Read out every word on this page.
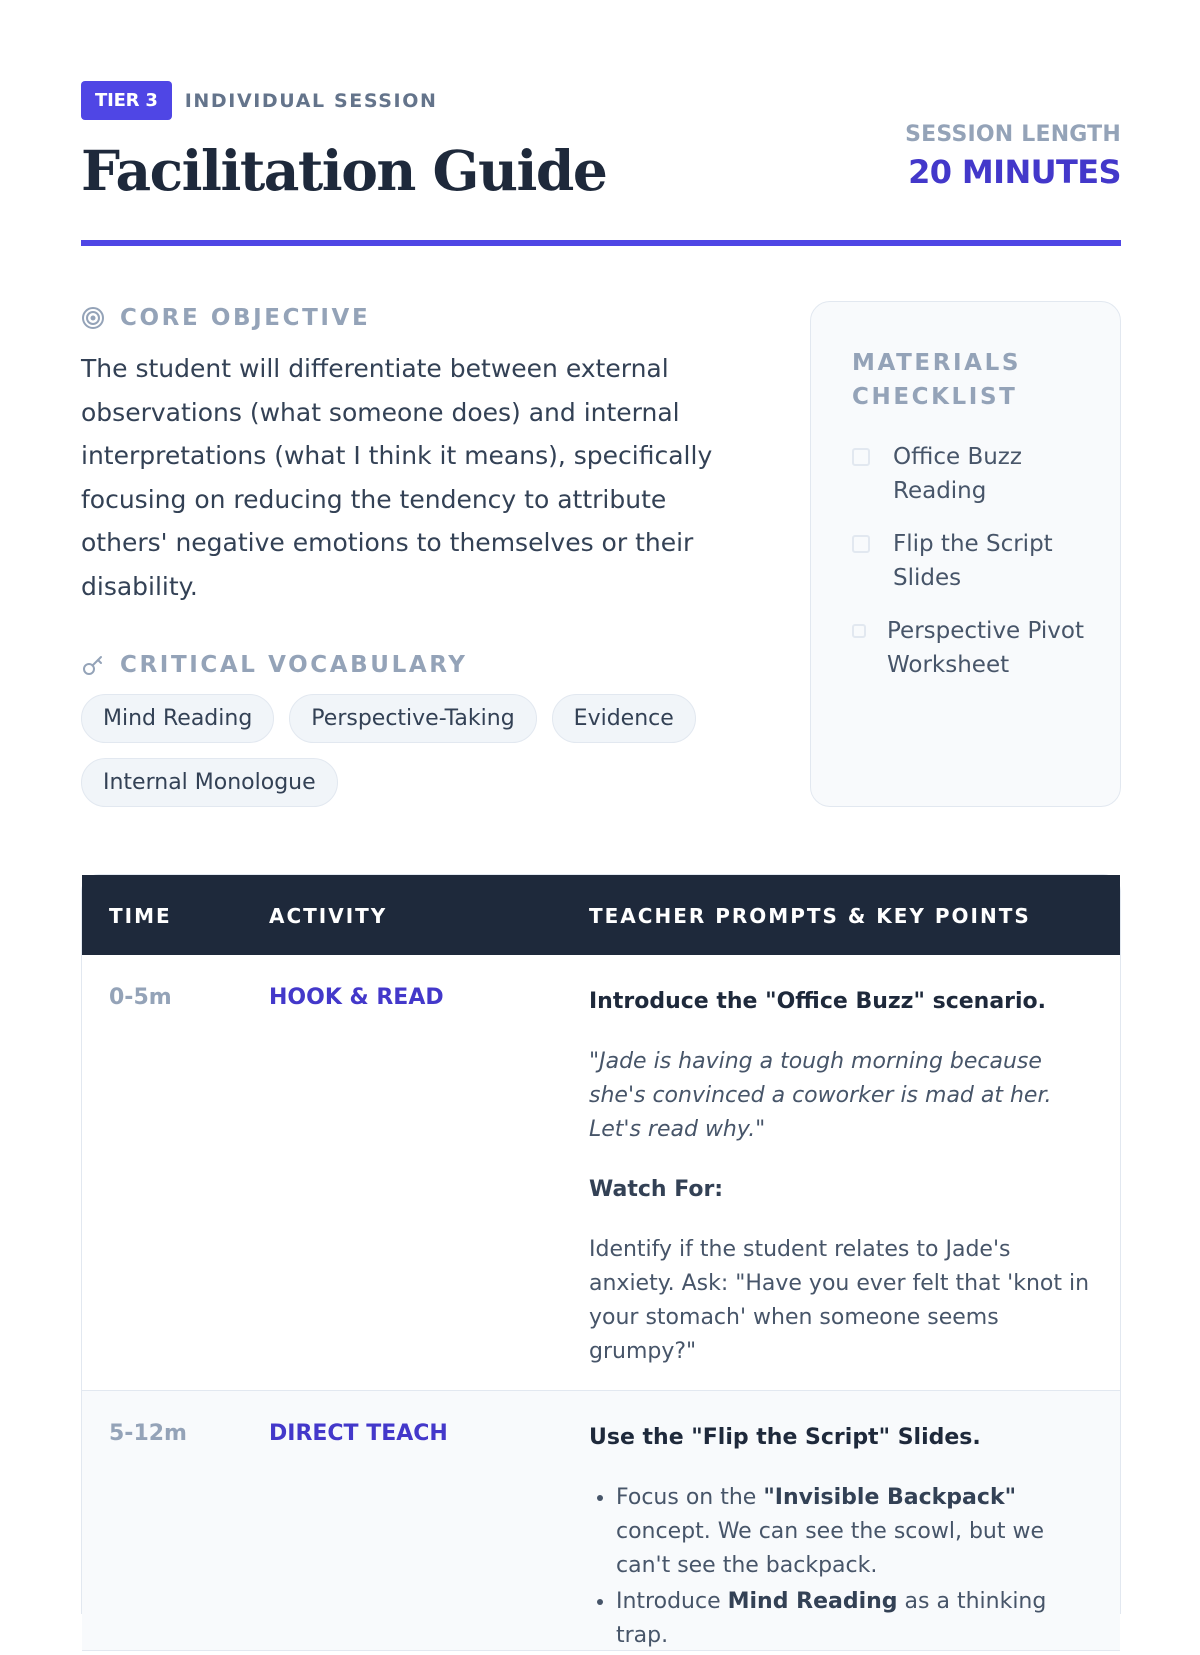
TIER 3	INDIVIDUAL SESSION
Facilitation Guide
SESSION LENGTH
20 MINUTES
CORE OBJECTIVE

The student will differentiate between external observations (what someone does) and internal interpretations (what I think it means), specifically focusing on reducing the tendency to attribute others' negative emotions to themselves or their disability.

CRITICAL VOCABULARY
Mind Reading	Perspective-Taking	Evidence
Internal Monologue
MATERIALS CHECKLIST
Office Buzz Reading
Flip the Script Slides
Perspective Pivot Worksheet
TIME	ACTIVITY	TEACHER PROMPTS & KEY POINTS
0-5m	HOOK & READ	Introduce the "Office Buzz" scenario.
"Jade is having a tough morning because she's convinced a coworker is mad at her. Let's read why."
Watch For:
Identify if the student relates to Jade's anxiety. Ask: "Have you ever felt that 'knot in your stomach' when someone seems grumpy?"
5-12m	DIRECT TEACH	Use the "Flip the Script" Slides.
• Focus on the "Invisible Backpack" concept. We can see the scowl, but we can't see the backpack.
• Introduce Mind Reading as a thinking trap.
